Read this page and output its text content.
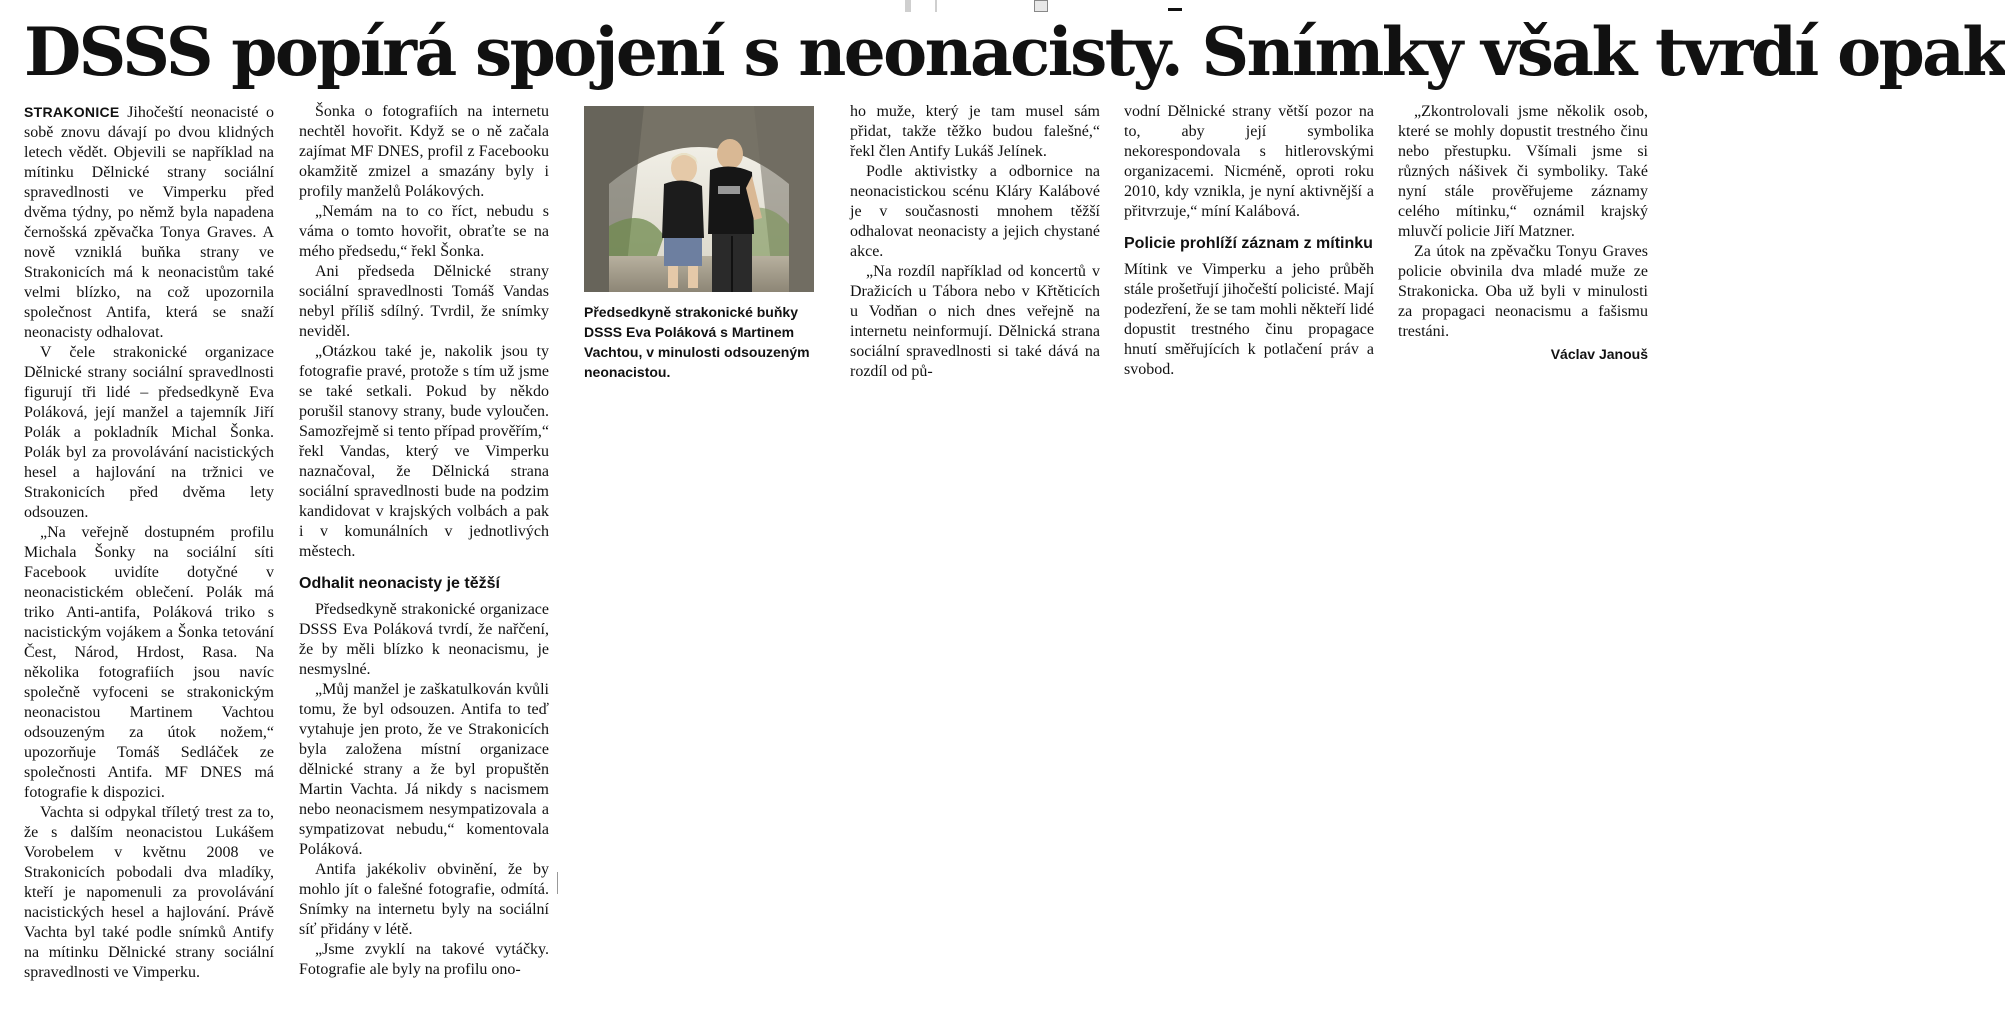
DSSS popírá spojení s neonacisty. Snímky však tvrdí opak

STRAKONICE Jihočeští neonacisté o sobě znovu dávají po dvou klidných letech vědět. Objevili se například na mítinku Dělnické strany sociální spravedlnosti ve Vimperku před dvěma týdny, po němž byla napadena černošská zpěvačka Tonya Graves. A nově vzniklá buňka strany ve Strakonicích má k neonacistům také velmi blízko, na což upozornila společnost Antifa, která se snaží neonacisty odhalovat.

V čele strakonické organizace Dělnické strany sociální spravedlnosti figurují tři lidé – předsedkyně Eva Poláková, její manžel a tajemník Jiří Polák a pokladník Michal Šonka. Polák byl za provolávání nacistických hesel a hajlování na tržnici ve Strakonicích před dvěma lety odsouzen.

„Na veřejně dostupném profilu Michala Šonky na sociální síti Facebook uvidíte dotyčné v neonacistickém oblečení. Polák má triko Anti-antifa, Poláková triko s nacistickým vojákem a Šonka tetování Čest, Národ, Hrdost, Rasa. Na několika fotografiích jsou navíc společně vyfoceni se strakonickým neonacistou Martinem Vachtou odsouzeným za útok nožem,“ upozorňuje Tomáš Sedláček ze společnosti Antifa. MF DNES má fotografie k dispozici.

Vachta si odpykal tříletý trest za to, že s dalším neonacistou Lukášem Vorobelem v květnu 2008 ve Strakonicích pobodali dva mladíky, kteří je napomenuli za provolávání nacistických hesel a hajlování. Právě Vachta byl také podle snímků Antify na mítinku Dělnické strany sociální spravedlnosti ve Vimperku.

Šonka o fotografiích na internetu nechtěl hovořit. Když se o ně začala zajímat MF DNES, profil z Facebooku okamžitě zmizel a smazány byly i profily manželů Polákových.

„Nemám na to co říct, nebudu s váma o tomto hovořit, obraťte se na mého předsedu,“ řekl Šonka.

Ani předseda Dělnické strany sociální spravedlnosti Tomáš Vandas nebyl příliš sdílný. Tvrdil, že snímky neviděl.

„Otázkou také je, nakolik jsou ty fotografie pravé, protože s tím už jsme se také setkali. Pokud by někdo porušil stanovy strany, bude vyloučen. Samozřejmě si tento případ prověřím,“ řekl Vandas, který ve Vimperku naznačoval, že Dělnická strana sociální spravedlnosti bude na podzim kandidovat v krajských volbách a pak i v komunálních v jednotlivých městech.

Odhalit neonacisty je těžší

Předsedkyně strakonické organizace DSSS Eva Poláková tvrdí, že nařčení, že by měli blízko k neonacismu, je nesmyslné.

„Můj manžel je zaškatulkován kvůli tomu, že byl odsouzen. Antifa to teď vytahuje jen proto, že ve Strakonicích byla založena místní organizace dělnické strany a že byl propuštěn Martin Vachta. Já nikdy s nacismem nebo neonacismem nesympatizovala a sympatizovat nebudu,“ komentovala Poláková.

Antifa jakékoliv obvinění, že by mohlo jít o falešné fotografie, odmítá. Snímky na internetu byly na sociální síť přidány v létě.

„Jsme zvyklí na takové vytáčky. Fotografie ale byly na profilu ono-

Předsedkyně strakonické buňky DSSS Eva Poláková s Martinem Vachtou, v minulosti odsouzeným neonacistou.

ho muže, který je tam musel sám přidat, takže těžko budou falešné,“ řekl člen Antify Lukáš Jelínek.

Podle aktivistky a odbornice na neonacistickou scénu Kláry Kalábové je v současnosti mnohem těžší odhalovat neonacisty a jejich chystané akce.

„Na rozdíl například od koncertů v Dražicích u Tábora nebo v Křtěticích u Vodňan o nich dnes veřejně na internetu neinformují. Dělnická strana sociální spravedlnosti si také dává na rozdíl od pů-

vodní Dělnické strany větší pozor na to, aby její symbolika nekorespondovala s hitlerovskými organizacemi. Nicméně, oproti roku 2010, kdy vznikla, je nyní aktivnější a přitvrzuje,“ míní Kalábová.

Policie prohlíží záznam z mítinku

Mítink ve Vimperku a jeho průběh stále prošetřují jihočeští policisté. Mají podezření, že se tam mohli někteří lidé dopustit trestného činu propagace hnutí směřujících k potlačení práv a svobod.

„Zkontrolovali jsme několik osob, které se mohly dopustit trestného činu nebo přestupku. Všímali jsme si různých nášivek či symboliky. Také nyní stále prověřujeme záznamy celého mítinku,“ oznámil krajský mluvčí policie Jiří Matzner.

Za útok na zpěvačku Tonyu Graves policie obvinila dva mladé muže ze Strakonicka. Oba už byli v minulosti za propagaci neonacismu a fašismu trestáni.

Václav Janouš
